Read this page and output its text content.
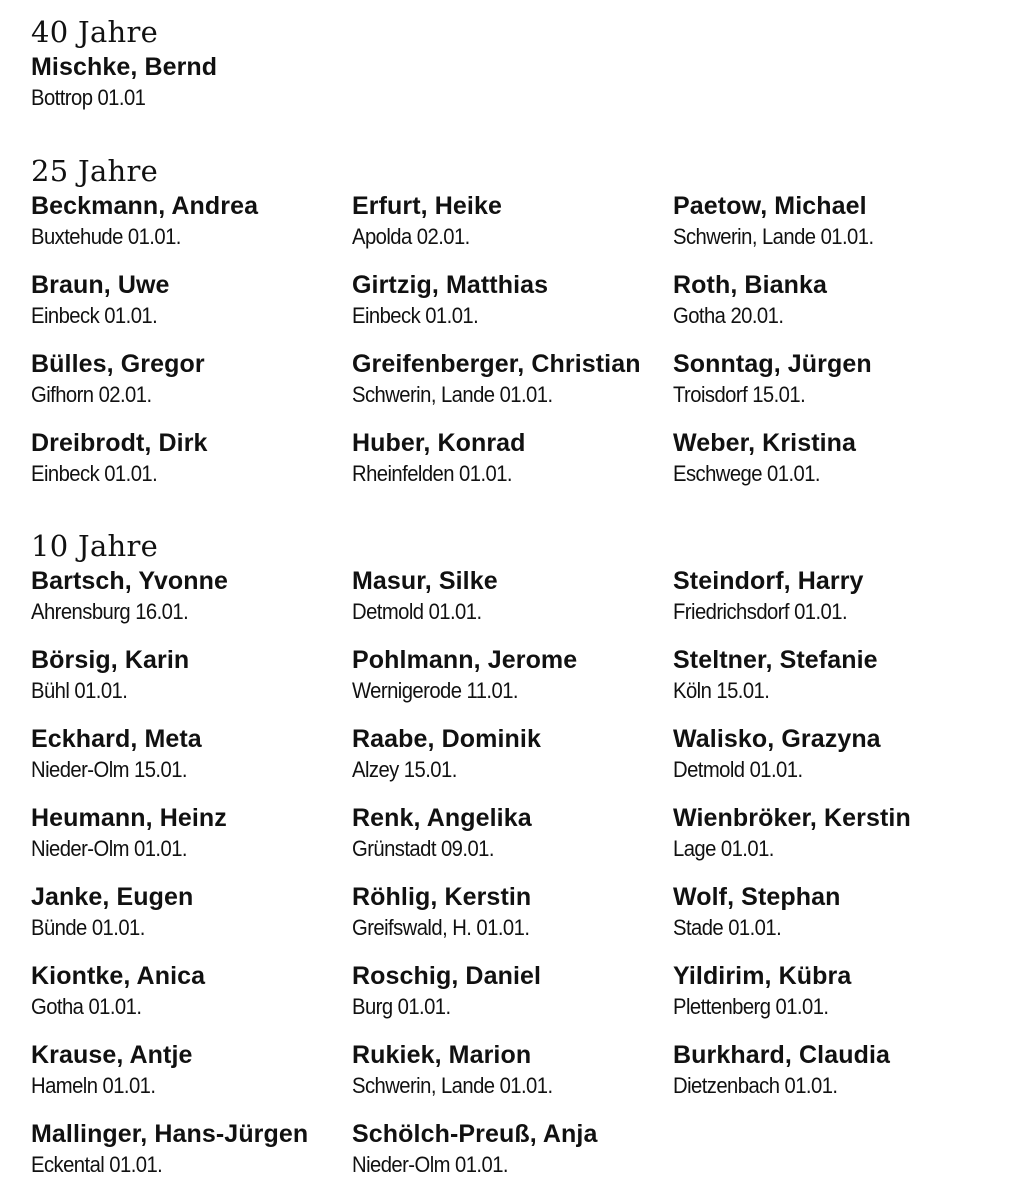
40 Jahre
Mischke, Bernd
Bottrop 01.01
25 Jahre
Beckmann, Andrea
Buxtehude 01.01.
Erfurt, Heike
Apolda 02.01.
Paetow, Michael
Schwerin, Lande 01.01.
Braun, Uwe
Einbeck 01.01.
Girtzig, Matthias
Einbeck 01.01.
Roth, Bianka
Gotha 20.01.
Bülles, Gregor
Gifhorn 02.01.
Greifenberger, Christian
Schwerin, Lande 01.01.
Sonntag, Jürgen
Troisdorf 15.01.
Dreibrodt, Dirk
Einbeck 01.01.
Huber, Konrad
Rheinfelden 01.01.
Weber, Kristina
Eschwege 01.01.
10 Jahre
Bartsch, Yvonne
Ahrensburg 16.01.
Masur, Silke
Detmold 01.01.
Steindorf, Harry
Friedrichsdorf 01.01.
Börsig, Karin
Bühl 01.01.
Pohlmann, Jerome
Wernigerode 11.01.
Steltner, Stefanie
Köln 15.01.
Eckhard, Meta
Nieder-Olm 15.01.
Raabe, Dominik
Alzey 15.01.
Walisko, Grazyna
Detmold 01.01.
Heumann, Heinz
Nieder-Olm 01.01.
Renk, Angelika
Grünstadt 09.01.
Wienbröker, Kerstin
Lage 01.01.
Janke, Eugen
Bünde 01.01.
Röhlig, Kerstin
Greifswald, H. 01.01.
Wolf, Stephan
Stade 01.01.
Kiontke, Anica
Gotha 01.01.
Roschig, Daniel
Burg 01.01.
Yildirim, Kübra
Plettenberg 01.01.
Krause, Antje
Hameln 01.01.
Rukiek, Marion
Schwerin, Lande 01.01.
Burkhard, Claudia
Dietzenbach 01.01.
Mallinger, Hans-Jürgen
Eckental 01.01.
Schölch-Preuß, Anja
Nieder-Olm 01.01.
